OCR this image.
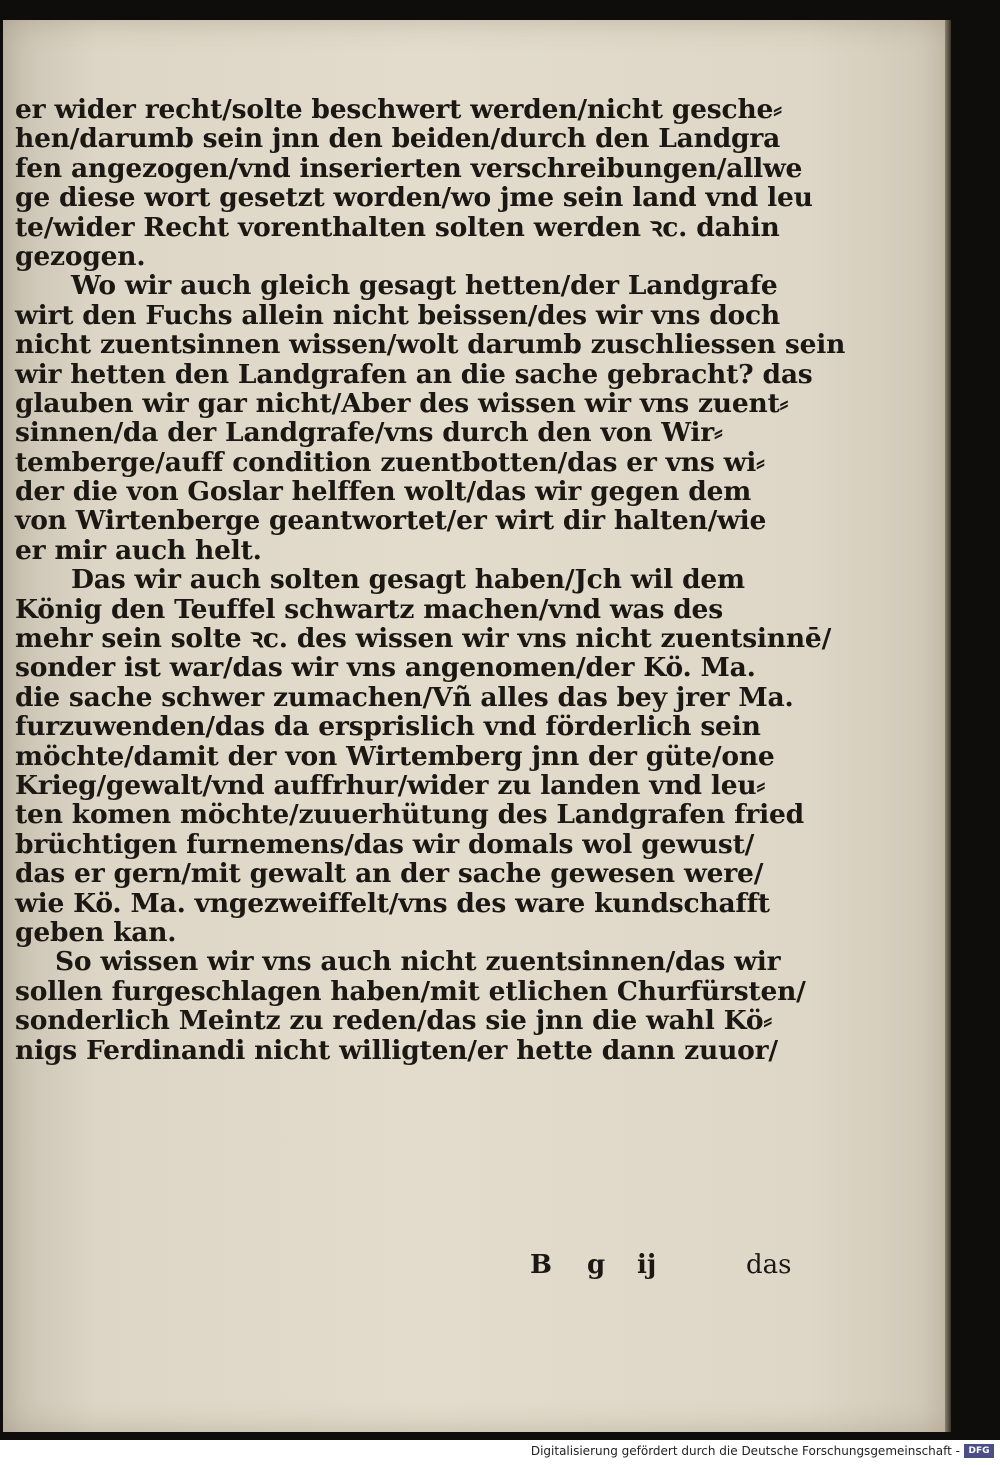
er wider recht/solte beschwert werden/nicht gesche⸗
hen/darumb sein jnn den beiden/durch den Landgra
fen angezogen/vnd inserierten verschreibungen/allwe
ge diese wort gesetzt worden/wo jme sein land vnd leu
te/wider Recht vorenthalten solten werden ꝛc. dahin
gezogen.
Wo wir auch gleich gesagt hetten/der Landgrafe
wirt den Fuchs allein nicht beissen/des wir vns doch
nicht zuentsinnen wissen/wolt darumb zuschliessen sein
wir hetten den Landgrafen an die sache gebracht? das
glauben wir gar nicht/Aber des wissen wir vns zuent⸗
sinnen/da der Landgrafe/vns durch den von Wir⸗
temberge/auff condition zuentbotten/das er vns wi⸗
der die von Goslar helffen wolt/das wir gegen dem
von Wirtenberge geantwortet/er wirt dir halten/wie
er mir auch helt.
Das wir auch solten gesagt haben/Jch wil dem
König den Teuffel schwartz machen/vnd was des
mehr sein solte ꝛc. des wissen wir vns nicht zuentsinnē/
sonder ist war/das wir vns angenomen/der Kö. Ma.
die sache schwer zumachen/Vñ alles das bey jrer Ma.
furzuwenden/das da ersprislich vnd förderlich sein
möchte/damit der von Wirtemberg jnn der güte/one
Krieg/gewalt/vnd auffrhur/wider zu landen vnd leu⸗
ten komen möchte/zuuerhütung des Landgrafen fried
brüchtigen furnemens/das wir domals wol gewust/
das er gern/mit gewalt an der sache gewesen were/
wie Kö. Ma. vngezweiffelt/vns des ware kundschafft
geben kan.
So wissen wir vns auch nicht zuentsinnen/das wir
sollen furgeschlagen haben/mit etlichen Churfürsten/
sonderlich Meintz zu reden/das sie jnn die wahl Kö⸗
nigs Ferdinandi nicht willigten/er hette dann zuuor/
B g ij	das
Digitalisierung gefördert durch die Deutsche Forschungsgemeinschaft - DFG
